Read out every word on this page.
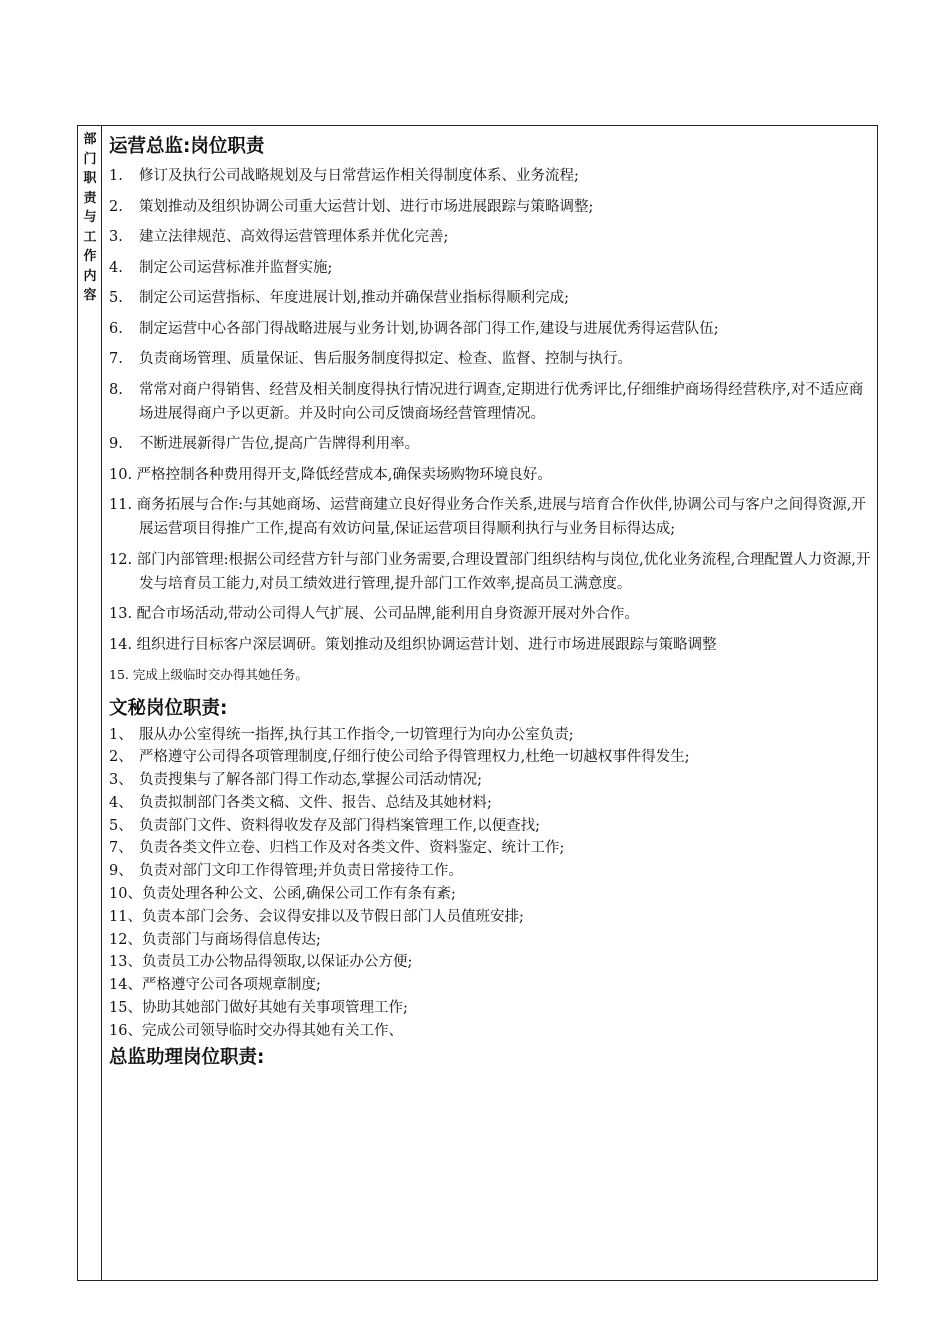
部门职责与工作内容
运营总监:岗位职责

1. 修订及执行公司战略规划及与日常营运作相关得制度体系、业务流程;

2. 策划推动及组织协调公司重大运营计划、进行市场进展跟踪与策略调整;

3. 建立法律规范、高效得运营管理体系并优化完善;

4. 制定公司运营标准并监督实施;

5. 制定公司运营指标、年度进展计划,推动并确保营业指标得顺利完成;

6. 制定运营中心各部门得战略进展与业务计划,协调各部门得工作,建设与进展优秀得运营队伍;

7. 负责商场管理、质量保证、售后服务制度得拟定、检查、监督、控制与执行。

8. 常常对商户得销售、经营及相关制度得执行情况进行调查,定期进行优秀评比,仔细维护商场得经营秩序,对不适应商场进展得商户予以更新。并及时向公司反馈商场经营管理情况。

9. 不断进展新得广告位,提高广告牌得利用率。

10. 严格控制各种费用得开支,降低经营成本,确保卖场购物环境良好。

11. 商务拓展与合作:与其她商场、运营商建立良好得业务合作关系,进展与培育合作伙伴,协调公司与客户之间得资源,开展运营项目得推广工作,提高有效访问量,保证运营项目得顺利执行与业务目标得达成;

12. 部门内部管理:根据公司经营方针与部门业务需要,合理设置部门组织结构与岗位,优化业务流程,合理配置人力资源,开发与培育员工能力,对员工绩效进行管理,提升部门工作效率,提高员工满意度。

13. 配合市场活动,带动公司得人气扩展、公司品牌,能利用自身资源开展对外合作。

14. 组织进行目标客户深层调研。策划推动及组织协调运营计划、进行市场进展跟踪与策略调整

15. 完成上级临时交办得其她任务。

文秘岗位职责:

1、 服从办公室得统一指挥,执行其工作指令,一切管理行为向办公室负责;

2、 严格遵守公司得各项管理制度,仔细行使公司给予得管理权力,杜绝一切越权事件得发生;

3、 负责搜集与了解各部门得工作动态,掌握公司活动情况;

4、 负责拟制部门各类文稿、文件、报告、总结及其她材料;

5、 负责部门文件、资料得收发存及部门得档案管理工作,以便查找;

7、 负责各类文件立卷、归档工作及对各类文件、资料鉴定、统计工作;

9、 负责对部门文印工作得管理;并负责日常接待工作。

10、负责处理各种公文、公函,确保公司工作有条有紊;

11、负责本部门会务、会议得安排以及节假日部门人员值班安排;

12、负责部门与商场得信息传达;

13、负责员工办公物品得领取,以保证办公方便;

14、严格遵守公司各项规章制度;

15、协助其她部门做好其她有关事项管理工作;

16、完成公司领导临时交办得其她有关工作、

总监助理岗位职责:
